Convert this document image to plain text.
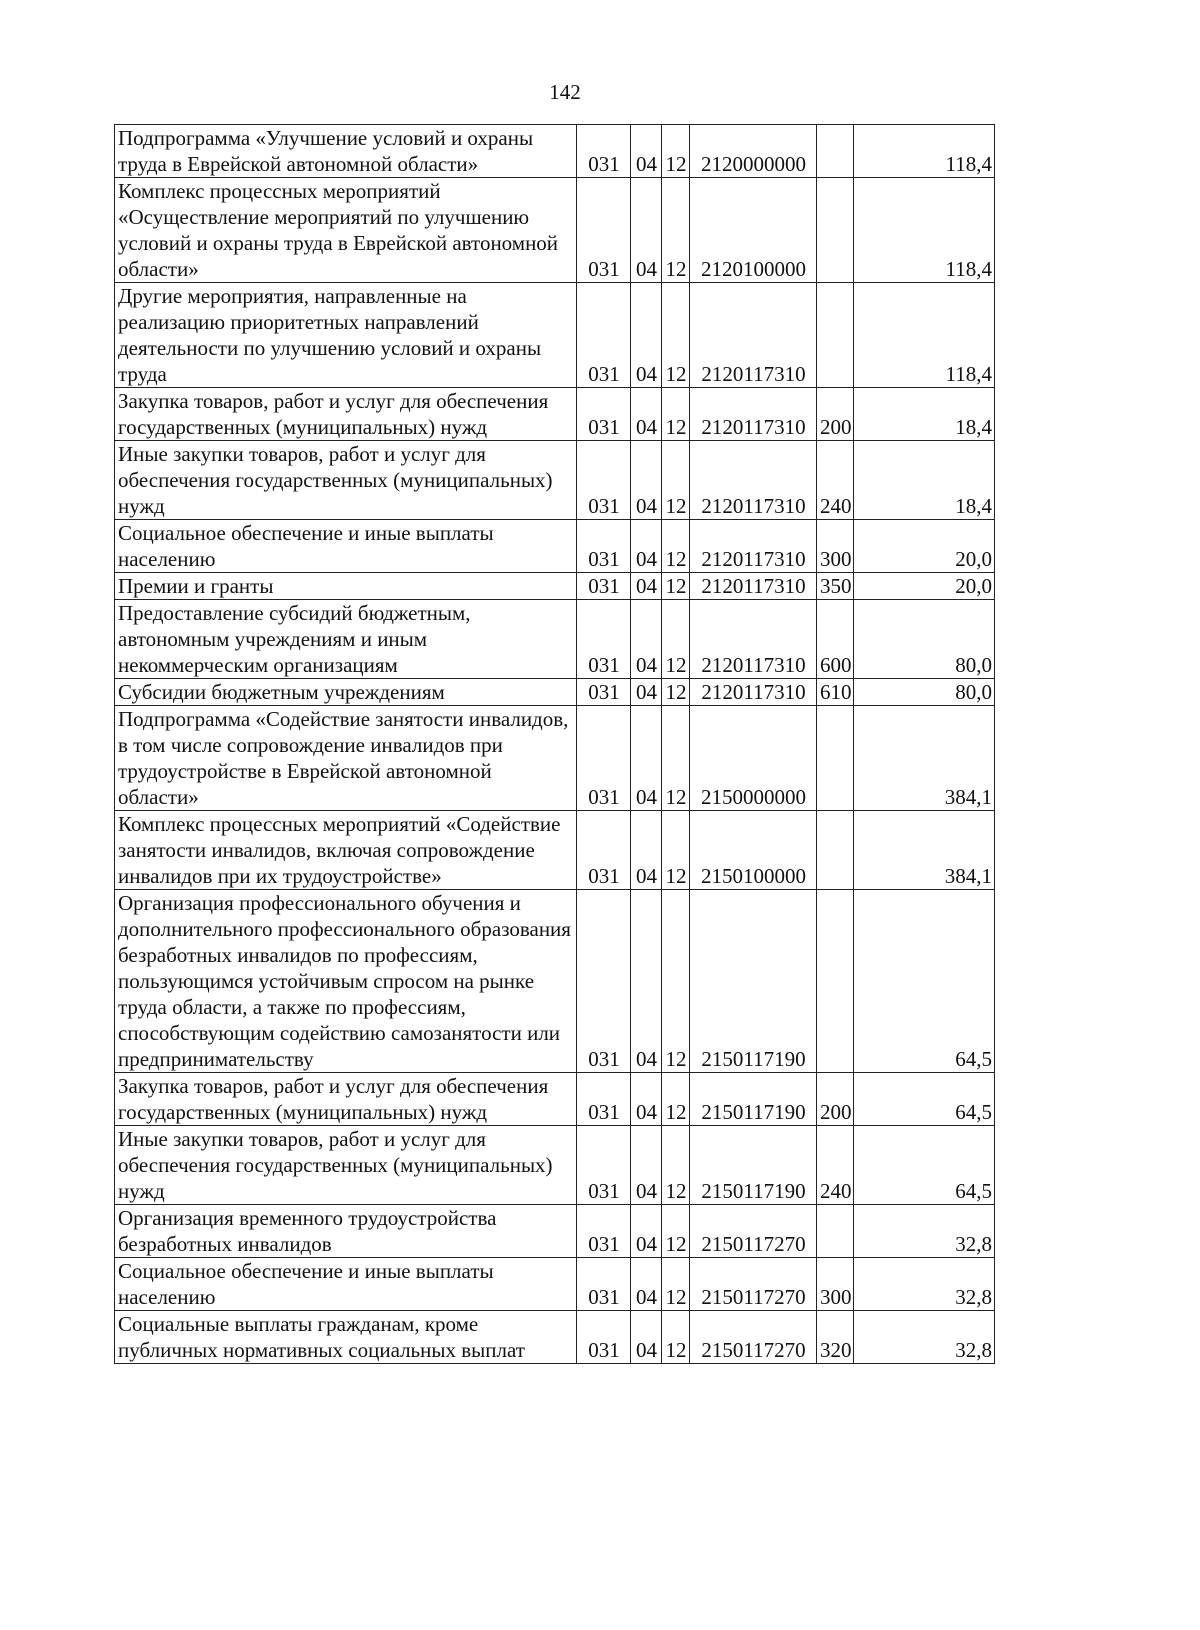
142
Подпрограмма «Улучшение условий и охраны труда в Еврейской автономной области»	031	04	12	2120000000		118,4
Комплекс процессных мероприятий «Осуществление мероприятий по улучшению условий и охраны труда в Еврейской автономной области»	031	04	12	2120100000		118,4
Другие мероприятия, направленные на реализацию приоритетных направлений деятельности по улучшению условий и охраны труда	031	04	12	2120117310		118,4
Закупка товаров, работ и услуг для обеспечения государственных (муниципальных) нужд	031	04	12	2120117310	200	18,4
Иные закупки товаров, работ и услуг для обеспечения государственных (муниципальных) нужд	031	04	12	2120117310	240	18,4
Социальное обеспечение и иные выплаты населению	031	04	12	2120117310	300	20,0
Премии и гранты	031	04	12	2120117310	350	20,0
Предоставление субсидий бюджетным, автономным учреждениям и иным некоммерческим организациям	031	04	12	2120117310	600	80,0
Субсидии бюджетным учреждениям	031	04	12	2120117310	610	80,0
Подпрограмма «Содействие занятости инвалидов, в том числе сопровождение инвалидов при трудоустройстве в Еврейской автономной области»	031	04	12	2150000000		384,1
Комплекс процессных мероприятий «Содействие занятости инвалидов, включая сопровождение инвалидов при их трудоустройстве»	031	04	12	2150100000		384,1
Организация профессионального обучения и дополнительного профессионального образования безработных инвалидов по профессиям, пользующимся устойчивым спросом на рынке труда области, а также по профессиям, способствующим содействию самозанятости или предпринимательству	031	04	12	2150117190		64,5
Закупка товаров, работ и услуг для обеспечения государственных (муниципальных) нужд	031	04	12	2150117190	200	64,5
Иные закупки товаров, работ и услуг для обеспечения государственных (муниципальных) нужд	031	04	12	2150117190	240	64,5
Организация временного трудоустройства безработных инвалидов	031	04	12	2150117270		32,8
Социальное обеспечение и иные выплаты населению	031	04	12	2150117270	300	32,8
Социальные выплаты гражданам, кроме публичных нормативных социальных выплат	031	04	12	2150117270	320	32,8
